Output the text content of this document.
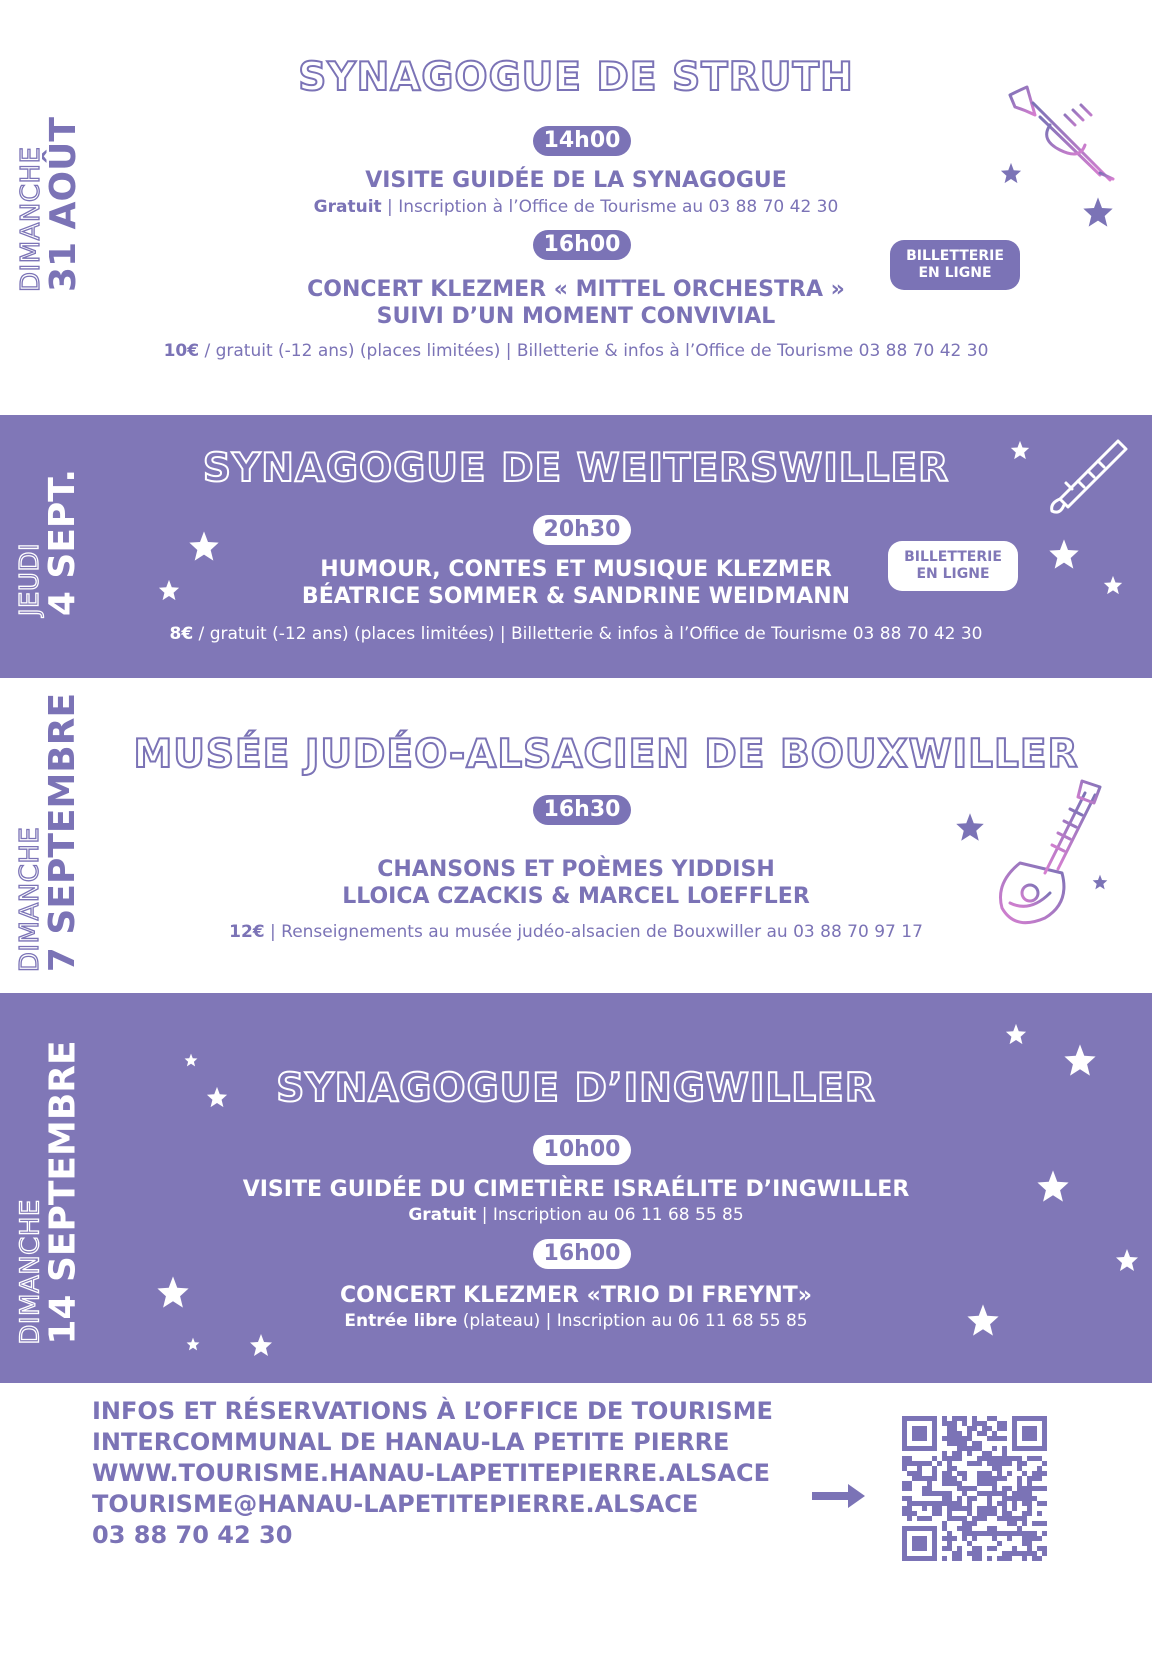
DIMANCHE
31 AOÛT
SYNAGOGUE DE STRUTH
14h00
VISITE GUIDÉE DE LA SYNAGOGUE
Gratuit | Inscription à l’Office de Tourisme au 03 88 70 42 30
16h00
CONCERT KLEZMER « MITTEL ORCHESTRA »
SUIVI D’UN MOMENT CONVIVIAL
10€ / gratuit (-12 ans) (places limitées) | Billetterie & infos à l’Office de Tourisme 03 88 70 42 30
BILLETTERIE
EN LIGNE
JEUDI
4 SEPT.
SYNAGOGUE DE WEITERSWILLER
20h30
HUMOUR, CONTES ET MUSIQUE KLEZMER
BÉATRICE SOMMER & SANDRINE WEIDMANN
8€ / gratuit (-12 ans) (places limitées) | Billetterie & infos à l’Office de Tourisme 03 88 70 42 30
BILLETTERIE
EN LIGNE
DIMANCHE
7 SEPTEMBRE	MUSÉE JUDÉO-ALSACIEN DE BOUXWILLER
16h30
CHANSONS ET POÈMES YIDDISH
LLOICA CZACKIS & MARCEL LOEFFLER
12€ | Renseignements au musée judéo-alsacien de Bouxwiller au 03 88 70 97 17
DIMANCHE
14 SEPTEMBRE	SYNAGOGUE D’INGWILLER
10h00
VISITE GUIDÉE DU CIMETIÈRE ISRAÉLITE D’INGWILLER
Gratuit | Inscription au 06 11 68 55 85
16h00
CONCERT KLEZMER «TRIO DI FREYNT»
Entrée libre (plateau) | Inscription au 06 11 68 55 85
INFOS ET RÉSERVATIONS À L’OFFICE DE TOURISME
INTERCOMMUNAL DE HANAU-LA PETITE PIERRE
WWW.TOURISME.HANAU-LAPETITEPIERRE.ALSACE
TOURISME@HANAU-LAPETITEPIERRE.ALSACE
03 88 70 42 30
